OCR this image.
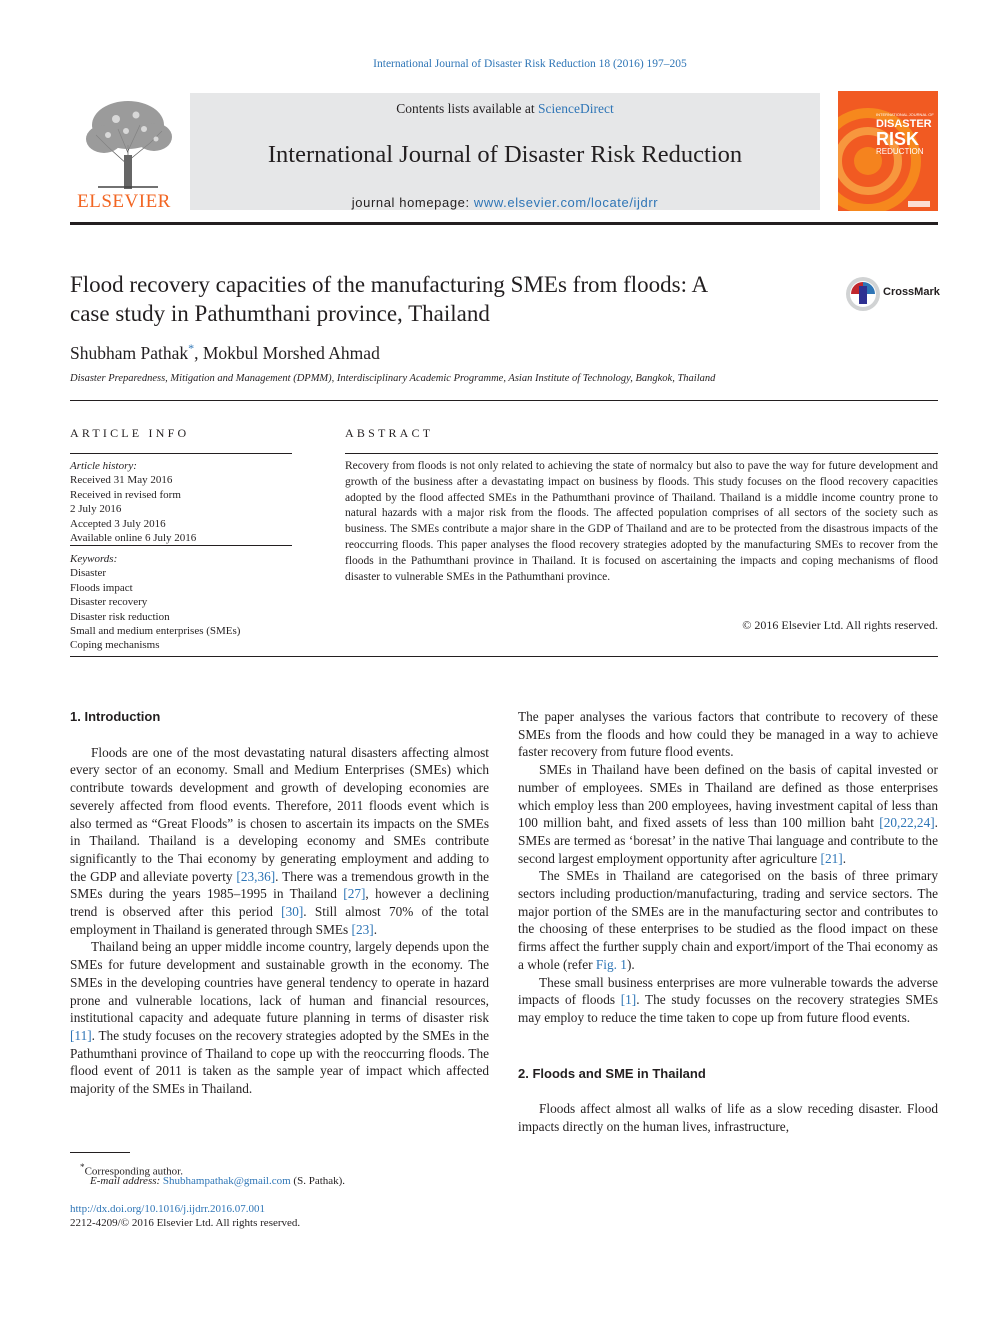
International Journal of Disaster Risk Reduction 18 (2016) 197–205
ELSEVIER
Contents lists available at ScienceDirect
International Journal of Disaster Risk Reduction
journal homepage: www.elsevier.com/locate/ijdrr
INTERNATIONAL JOURNAL OF
DISASTER
RISK
REDUCTION
Flood recovery capacities of the manufacturing SMEs from floods: A
case study in Pathumthani province, Thailand
CrossMark
Shubham Pathak*, Mokbul Morshed Ahmad
Disaster Preparedness, Mitigation and Management (DPMM), Interdisciplinary Academic Programme, Asian Institute of Technology, Bangkok, Thailand
ARTICLE INFO
Article history:
Received 31 May 2016
Received in revised form
2 July 2016
Accepted 3 July 2016
Available online 6 July 2016
Keywords:
Disaster
Floods impact
Disaster recovery
Disaster risk reduction
Small and medium enterprises (SMEs)
Coping mechanisms
ABSTRACT
Recovery from floods is not only related to achieving the state of normalcy but also to pave the way for future development and growth of the business after a devastating impact on business by floods. This study focuses on the flood recovery capacities adopted by the flood affected SMEs in the Pathumthani province of Thailand. Thailand is a middle income country prone to natural hazards with a major risk from the floods. The affected population comprises of all sectors of the society such as business. The SMEs contribute a major share in the GDP of Thailand and are to be protected from the disastrous impacts of the reoccurring floods. This paper analyses the flood recovery strategies adopted by the manufacturing SMEs to recover from the floods in the Pathumthani province in Thailand. It is focused on ascertaining the impacts and coping mechanisms of flood disaster to vulnerable SMEs in the Pathumthani province.
© 2016 Elsevier Ltd. All rights reserved.
1. Introduction

Floods are one of the most devastating natural disasters affecting almost every sector of an economy. Small and Medium Enterprises (SMEs) which contribute towards development and growth of developing economies are severely affected from flood events. Therefore, 2011 floods event which is also termed as “Great Floods” is chosen to ascertain its impacts on the SMEs in Thailand. Thailand is a developing economy and SMEs contribute significantly to the Thai economy by generating employment and adding to the GDP and alleviate poverty [23,36]. There was a tremendous growth in the SMEs during the years 1985–1995 in Thailand [27], however a declining trend is observed after this period [30]. Still almost 70% of the total employment in Thailand is generated through SMEs [23].

Thailand being an upper middle income country, largely depends upon the SMEs for future development and sustainable growth in the economy. The SMEs in the developing countries have general tendency to operate in hazard prone and vulnerable locations, lack of human and financial resources, institutional capacity and adequate future planning in terms of disaster risk [11]. The study focuses on the recovery strategies adopted by the SMEs in the Pathumthani province of Thailand to cope up with the reoccurring floods. The flood event of 2011 is taken as the sample year of impact which affected majority of the SMEs in Thailand.

The paper analyses the various factors that contribute to recovery of these SMEs from the floods and how could they be managed in a way to achieve faster recovery from future flood events.

SMEs in Thailand have been defined on the basis of capital invested or number of employees. SMEs in Thailand are defined as those enterprises which employ less than 200 employees, having investment capital of less than 100 million baht, and fixed assets of less than 100 million baht [20,22,24]. SMEs are termed as ‘boresat’ in the native Thai language and contribute to the second largest employment opportunity after agriculture [21].

The SMEs in Thailand are categorised on the basis of three primary sectors including production/manufacturing, trading and service sectors. The major portion of the SMEs are in the manufacturing sector and contributes to the choosing of these enterprises to be studied as the flood impact on these firms affect the further supply chain and export/import of the Thai economy as a whole (refer Fig. 1).

These small business enterprises are more vulnerable towards the adverse impacts of floods [1]. The study focusses on the recovery strategies SMEs may employ to reduce the time taken to cope up from future flood events.

2. Floods and SME in Thailand

Floods affect almost all walks of life as a slow receding disaster. Flood impacts directly on the human lives, infrastructure,

*Corresponding author.
E-mail address: Shubhampathak@gmail.com (S. Pathak).
http://dx.doi.org/10.1016/j.ijdrr.2016.07.001
2212-4209/© 2016 Elsevier Ltd. All rights reserved.
